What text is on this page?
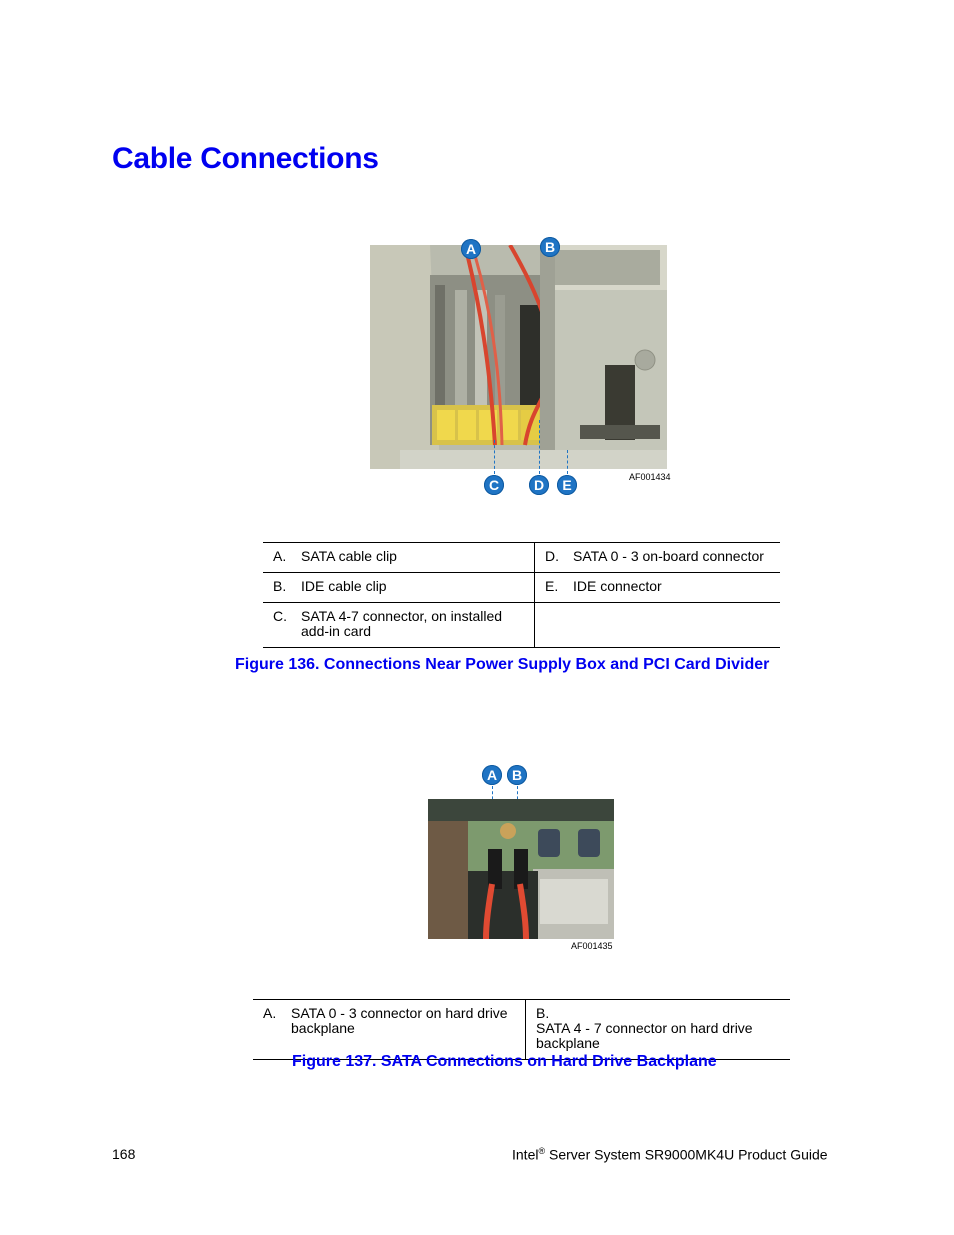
Cable Connections
A	B
C	D	E	AF001434
A. SATA cable clip	D. SATA 0 - 3 on-board connector
B. IDE cable clip	E. IDE connector
C. SATA 4-7 connector, on installed add-in card	
Figure 136. Connections Near Power Supply Box and PCI Card Divider
A	B
AF001435
A. SATA 0 - 3 connector on hard drive backplane	B.SATA 4 - 7 connector on hard drive backplane
Figure 137. SATA Connections on Hard Drive Backplane
168	Intel® Server System SR9000MK4U Product Guide
